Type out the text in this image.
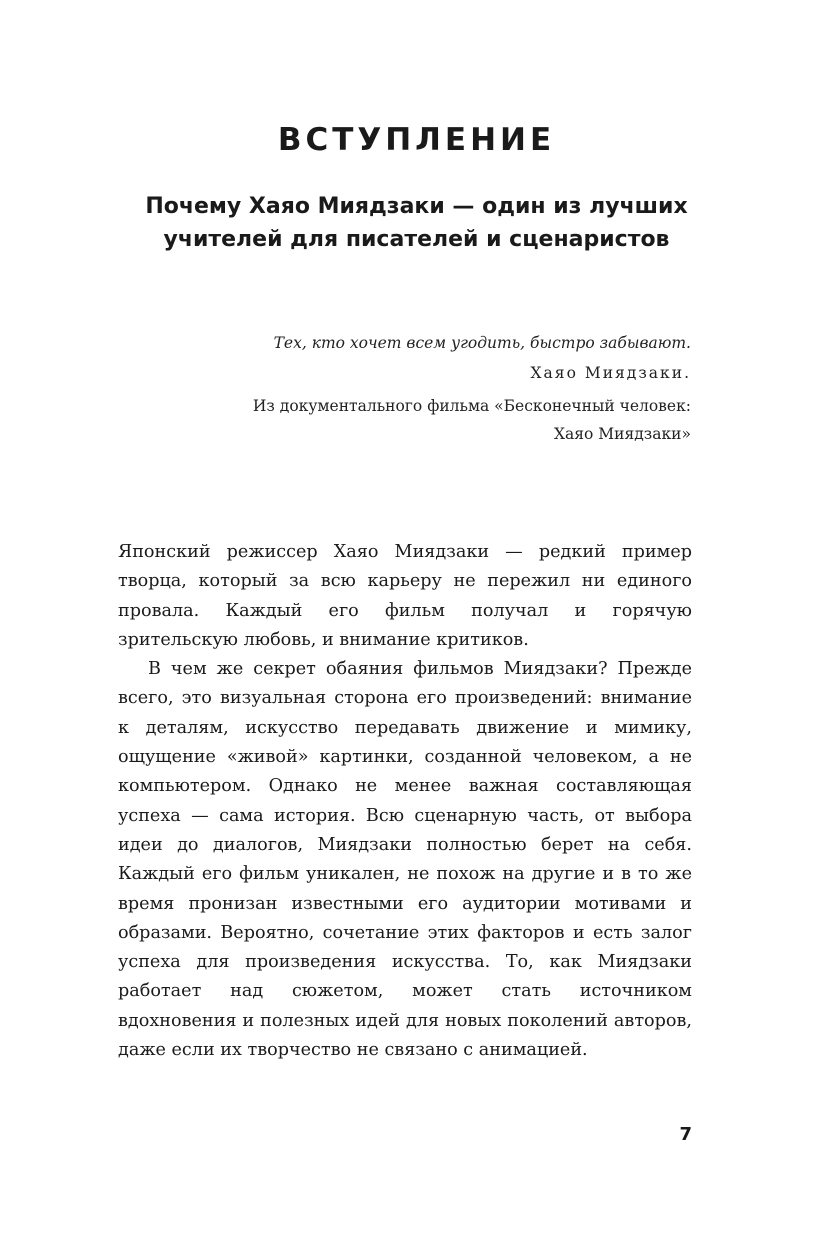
ВСТУПЛЕНИЕ
Почему Хаяо Миядзаки — один из лучших
учителей для писателей и сценаристов

Тех, кто хочет всем угодить, быстро забывают.

Хаяо Миядзаки.

Из документального фильма «Бесконечный человек:
Хаяо Миядзаки»

Японский режиссер Хаяо Миядзаки — редкий пример творца, который за всю карьеру не пережил ни единого провала. Каждый его фильм получал и горячую зрительскую любовь, и внимание критиков.

В чем же секрет обаяния фильмов Миядзаки? Прежде всего, это визуальная сторона его произведений: внимание к деталям, искусство передавать движение и мимику, ощущение «живой» картинки, созданной человеком, а не компьютером. Однако не менее важная составляющая успеха — сама история. Всю сценарную часть, от выбора идеи до диалогов, Миядзаки полностью берет на себя. Каждый его фильм уникален, не похож на другие и в то же время пронизан известными его аудитории мотивами и образами. Вероятно, сочетание этих факторов и есть залог успеха для произведения искусства. То, как Миядзаки работает над сюжетом, может стать источником вдохновения и полезных идей для новых поколений авторов, даже если их творчество не связано с анимацией.

7
